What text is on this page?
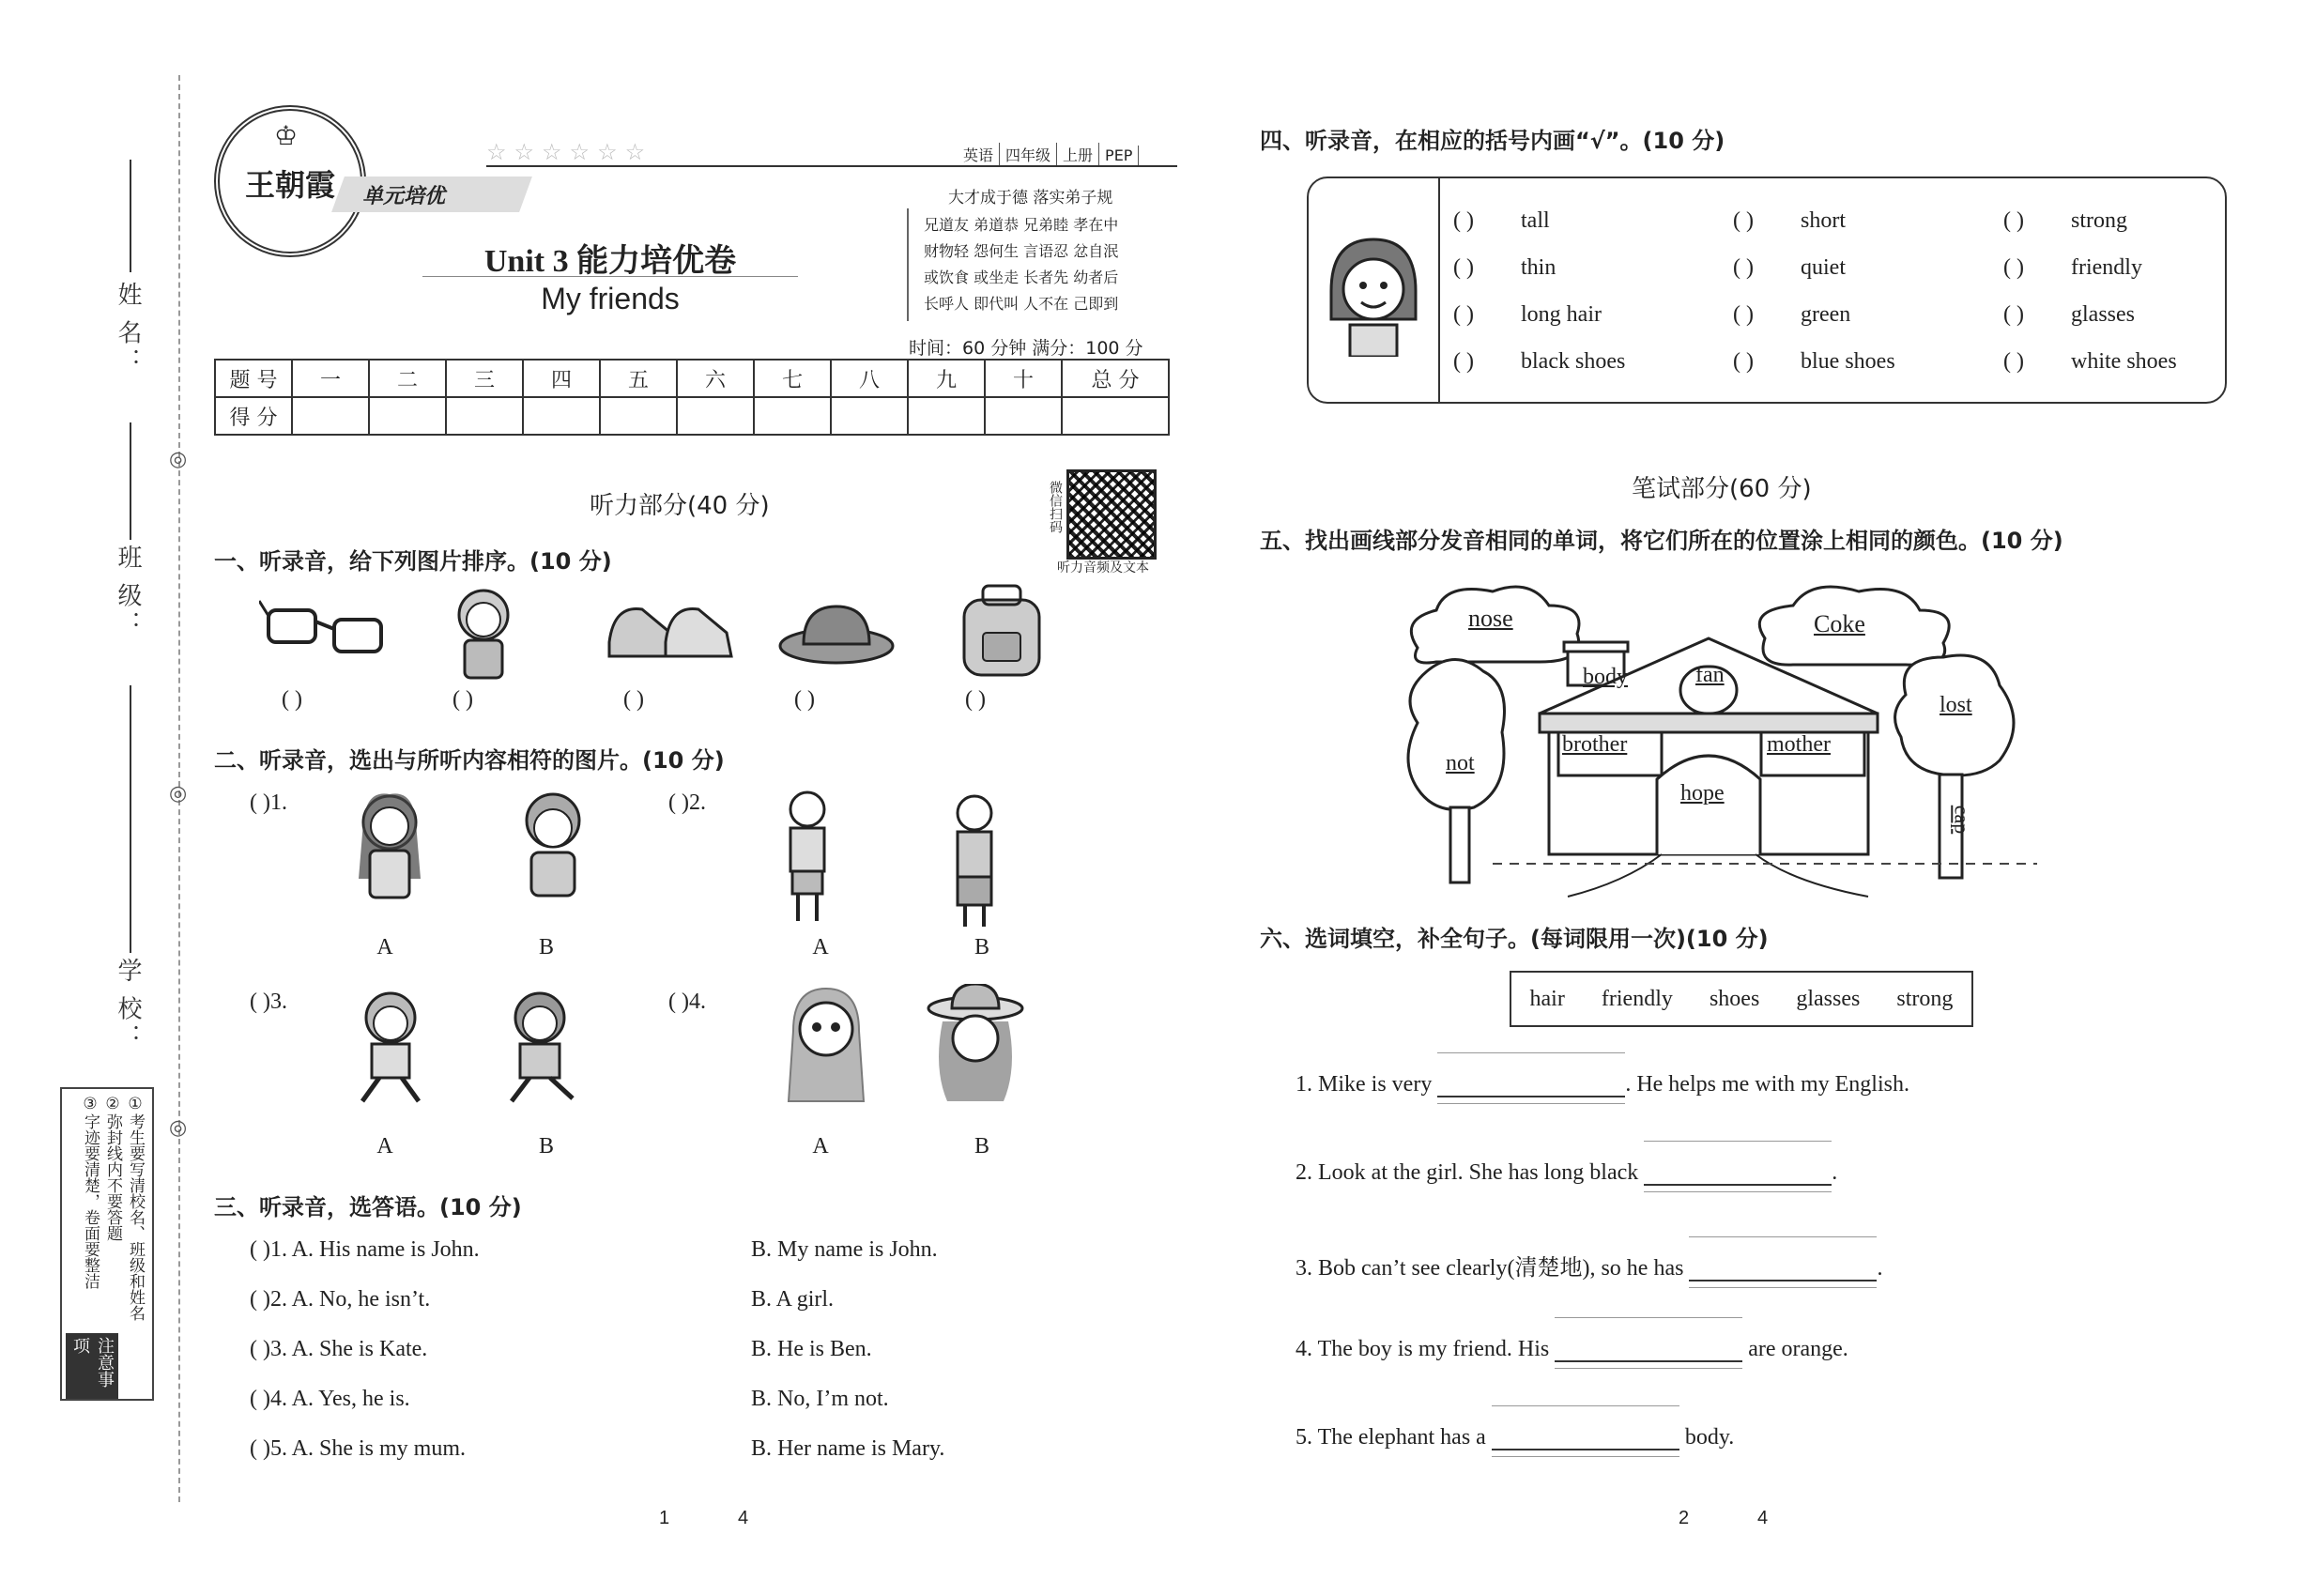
姓 名：
班 级：
学 校：
◎
◎
◎
注意事项
①考生要写清校名、班级和姓名
②弥封线内不要答题
③字迹要清楚，卷面要整洁
王朝霞
♔
单元培优
☆☆☆☆☆☆	英语 四年级 上册 PEP
大才成于德 落实弟子规
兄道友 弟道恭 兄弟睦 孝在中
财物轻 怨何生 言语忍 忿自泯
或饮食 或坐走 长者先 幼者后
长呼人 即代叫 人不在 己即到
Unit 3 能力培优卷
My friends
时间：60 分钟 满分：100 分
题 号	一	二	三	四	五	六	七	八	九	十	总 分
得 分											
听力部分(40 分)	微信扫码
听力音频及文本
一、听录音，给下列图片排序。(10 分)
( )	( )	( )	( )	( )
二、听录音，选出与所听内容相符的图片。(10 分)
( )1.	( )2.
( )3.	( )4.
A	B	A	B
A	B	A	B
三、听录音，选答语。(10 分)
( )1. A. His name is John.	B. My name is John.
( )2. A. No, he isn’t.	B. A girl.
( )3. A. She is Kate.	B. He is Ben.
( )4. A. Yes, he is.	B. No, I’m not.
( )5. A. She is my mum.	B. Her name is Mary.
1	4
四、听录音，在相应的括号内画“√”。(10 分)
( ) tall	( ) short	( ) strong
( ) thin	( ) quiet	( ) friendly
( ) long hair	( ) green	( ) glasses
( ) black shoes	( ) blue shoes	( ) white shoes
笔试部分(60 分)
五、找出画线部分发音相同的单词，将它们所在的位置涂上相同的颜色。(10 分)
nose	Coke
body	fan
lost
not
brother	mother
hope
cap
六、选词填空，补全句子。(每词限用一次)(10 分)
hair friendly shoes glasses strong
1. Mike is very	. He helps me with my English.
2. Look at the girl. She has long black	.
3. Bob can’t see clearly(清楚地), so he has	.
4. The boy is my friend. His	are orange.
5. The elephant has a	body.
2	4
